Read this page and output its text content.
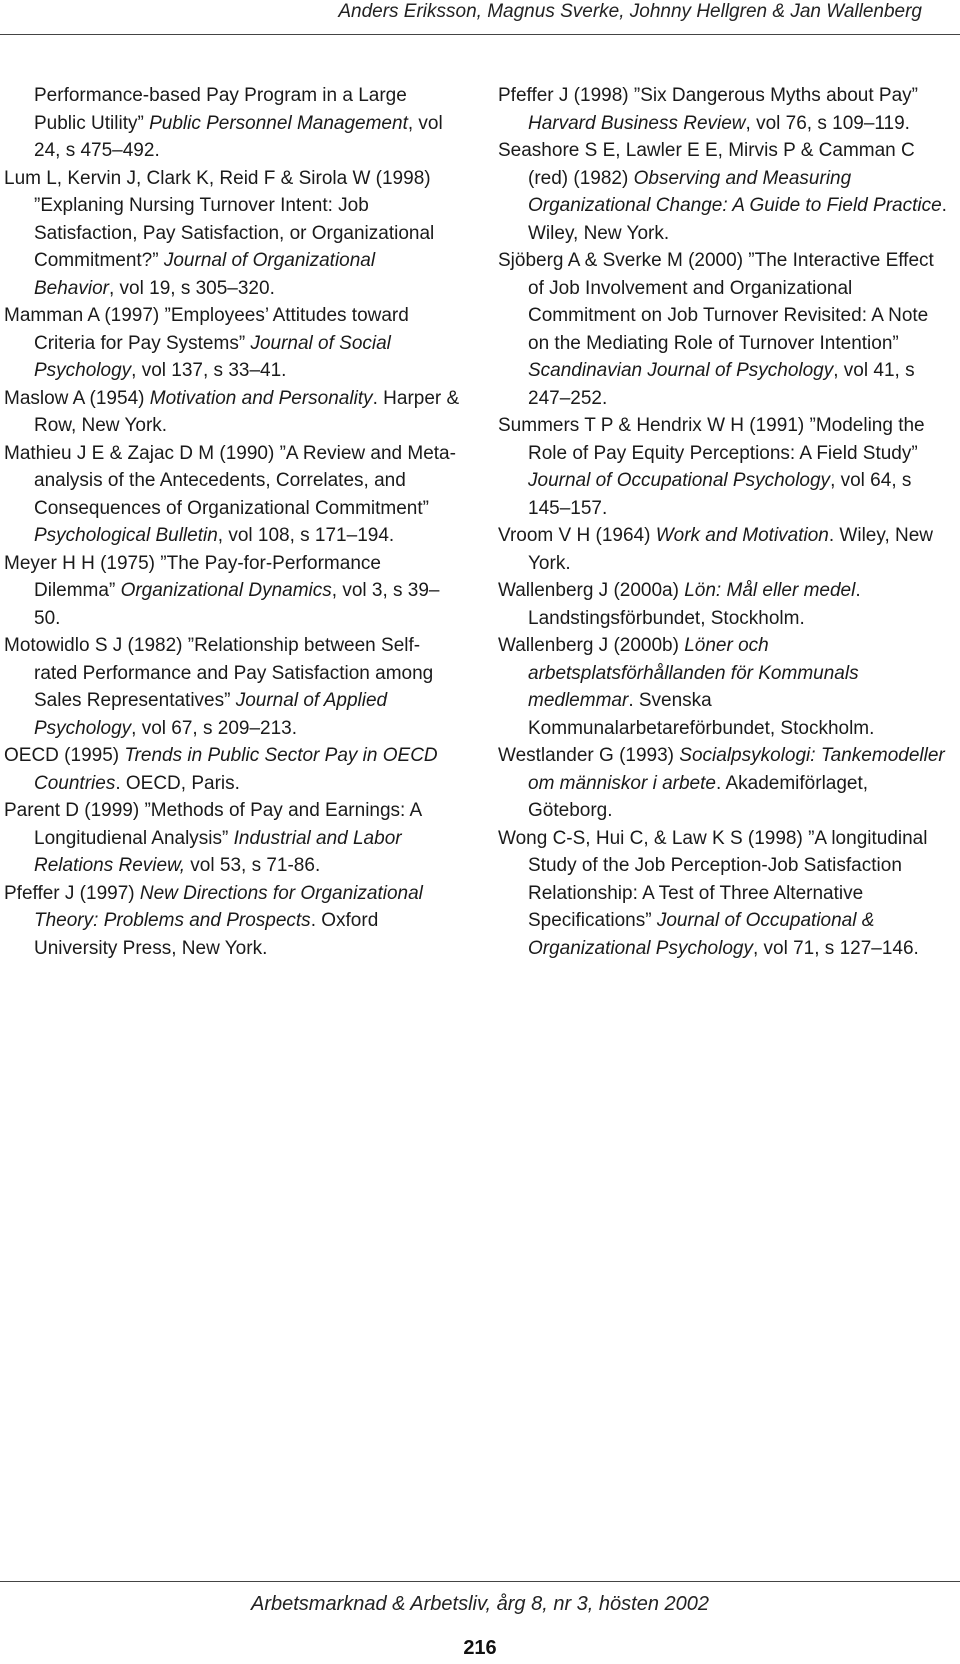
Anders Eriksson, Magnus Sverke, Johnny Hellgren & Jan Wallenberg

Performance-based Pay Program in a Large Public Utility” Public Personnel Management, vol 24, s 475–492.

Lum L, Kervin J, Clark K, Reid F & Sirola W (1998) ”Explaning Nursing Turnover Intent: Job Satisfaction, Pay Satisfaction, or Organizational Commitment?” Journal of Organizational Behavior, vol 19, s 305–320.

Mamman A (1997) ”Employees’ Attitudes toward Criteria for Pay Systems” Journal of Social Psychology, vol 137, s 33–41.

Maslow A (1954) Motivation and Personality. Harper & Row, New York.

Mathieu J E & Zajac D M (1990) ”A Review and Meta-analysis of the Antecedents, Correlates, and Consequences of Organizational Commitment” Psychological Bulletin, vol 108, s 171–194.

Meyer H H (1975) ”The Pay-for-Performance Dilemma” Organizational Dynamics, vol 3, s 39–50.

Motowidlo S J (1982) ”Relationship between Self-rated Performance and Pay Satisfaction among Sales Representatives” Journal of Applied Psychology, vol 67, s 209–213.

OECD (1995) Trends in Public Sector Pay in OECD Countries. OECD, Paris.

Parent D (1999) ”Methods of Pay and Earnings: A Longitudienal Analysis” Industrial and Labor Relations Review, vol 53, s 71-86.

Pfeffer J (1997) New Directions for Organizational Theory: Problems and Prospects. Oxford University Press, New York.

Pfeffer J (1998) ”Six Dangerous Myths about Pay” Harvard Business Review, vol 76, s 109–119.

Seashore S E, Lawler E E, Mirvis P & Camman C (red) (1982) Observing and Measuring Organizational Change: A Guide to Field Practice. Wiley, New York.

Sjöberg A & Sverke M (2000) ”The Interactive Effect of Job Involvement and Organizational Commitment on Job Turnover Revisited: A Note on the Mediating Role of Turnover Intention” Scandinavian Journal of Psychology, vol 41, s 247–252.

Summers T P & Hendrix W H (1991) ”Modeling the Role of Pay Equity Perceptions: A Field Study” Journal of Occupational Psychology, vol 64, s 145–157.

Vroom V H (1964) Work and Motivation. Wiley, New York.

Wallenberg J (2000a) Lön: Mål eller medel. Landstingsförbundet, Stockholm.

Wallenberg J (2000b) Löner och arbetsplatsförhållanden för Kommunals medlemmar. Svenska Kommunalarbetareförbundet, Stockholm.

Westlander G (1993) Socialpsykologi: Tankemodeller om människor i arbete. Akademiförlaget, Göteborg.

Wong C-S, Hui C, & Law K S (1998) ”A longitudinal Study of the Job Perception-Job Satisfaction Relationship: A Test of Three Alternative Specifications” Journal of Occupational & Organizational Psychology, vol 71, s 127–146.

Arbetsmarknad & Arbetsliv, årg 8, nr 3, hösten 2002
216
